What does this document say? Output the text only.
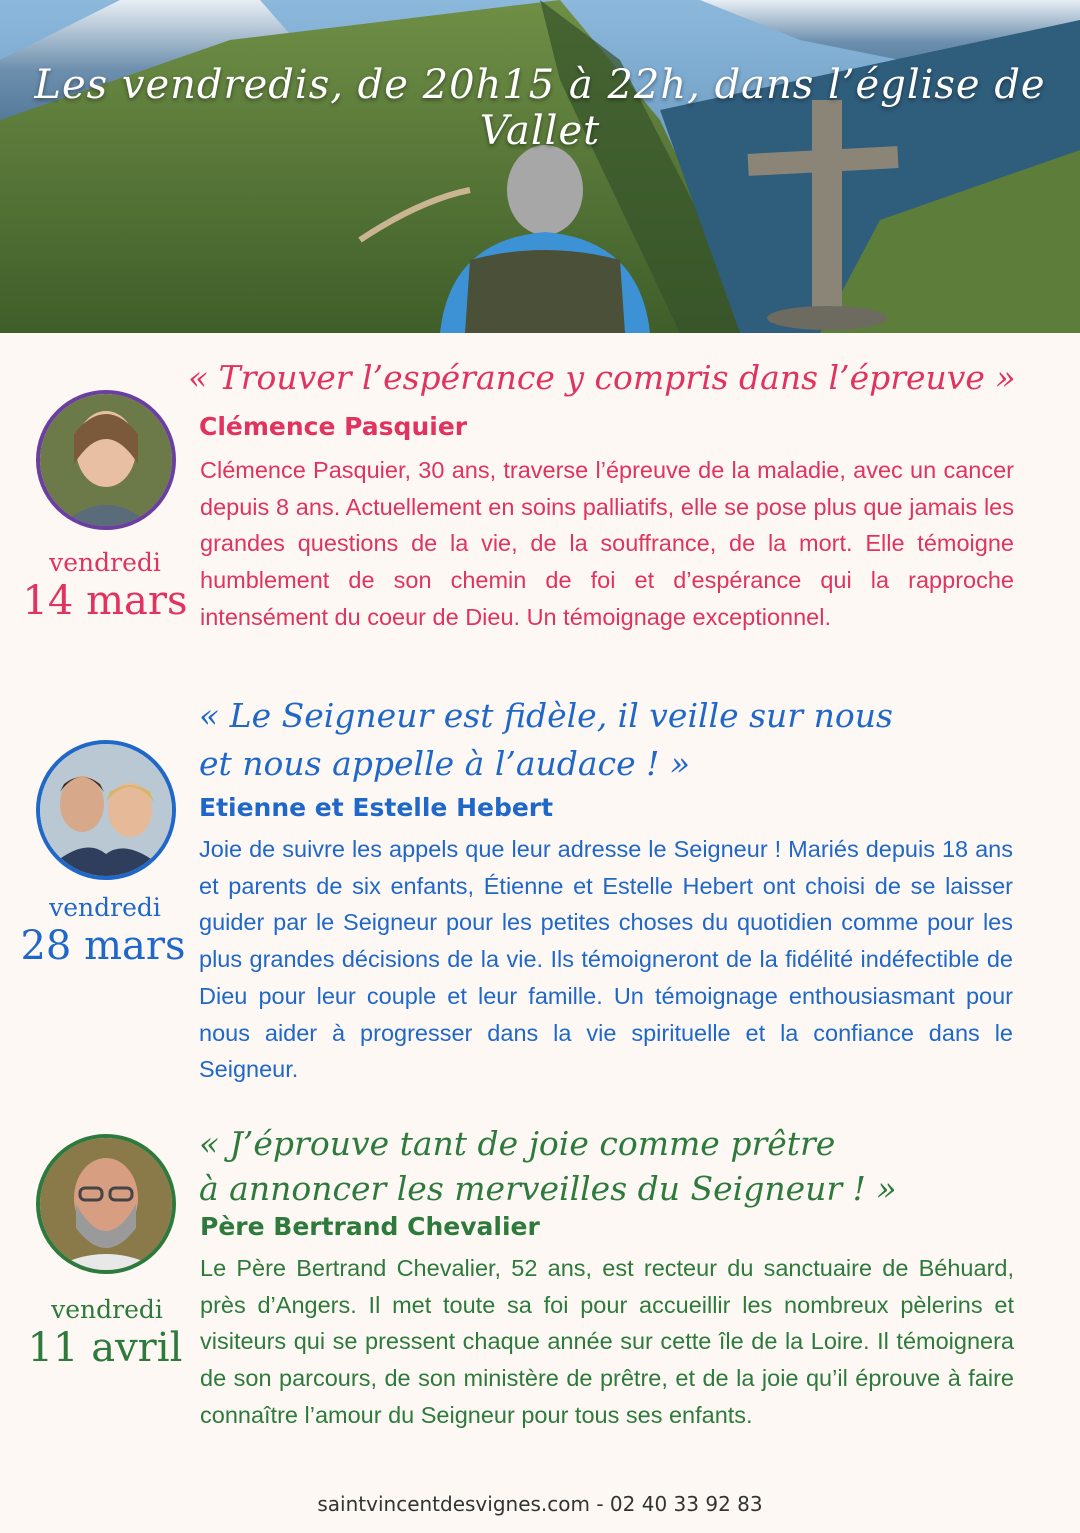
Les vendredis, de 20h15 à 22h, dans l’église de Vallet
vendredi
14 mars
« Trouver l’espérance y compris dans l’épreuve »
Clémence Pasquier
Clémence Pasquier, 30 ans, traverse l’épreuve de la maladie, avec un cancer depuis 8 ans. Actuellement en soins palliatifs, elle se pose plus que jamais les grandes questions de la vie, de la souffrance, de la mort. Elle témoigne humblement de son chemin de foi et d’espérance qui la rapproche intensément du coeur de Dieu. Un témoignage exceptionnel.
vendredi
28 mars
« Le Seigneur est fidèle, il veille sur nous
et nous appelle à l’audace ! »
Etienne et Estelle Hebert
Joie de suivre les appels que leur adresse le Seigneur ! Mariés depuis 18 ans et parents de six enfants, Étienne et Estelle Hebert ont choisi de se laisser guider par le Seigneur pour les petites choses du quotidien comme pour les plus grandes décisions de la vie. Ils témoigneront de la fidélité indéfectible de Dieu pour leur couple et leur famille. Un témoignage enthousiasmant pour nous aider à progresser dans la vie spirituelle et la confiance dans le Seigneur.
vendredi
11 avril
« J’éprouve tant de joie comme prêtre
à annoncer les merveilles du Seigneur ! »
Père Bertrand Chevalier
Le Père Bertrand Chevalier, 52 ans, est recteur du sanctuaire de Béhuard, près d’Angers. Il met toute sa foi pour accueillir les nombreux pèlerins et visiteurs qui se pressent chaque année sur cette île de la Loire. Il témoignera de son parcours, de son ministère de prêtre, et de la joie qu’il éprouve à faire connaître l’amour du Seigneur pour tous ses enfants.
saintvincentdesvignes.com - 02 40 33 92 83
